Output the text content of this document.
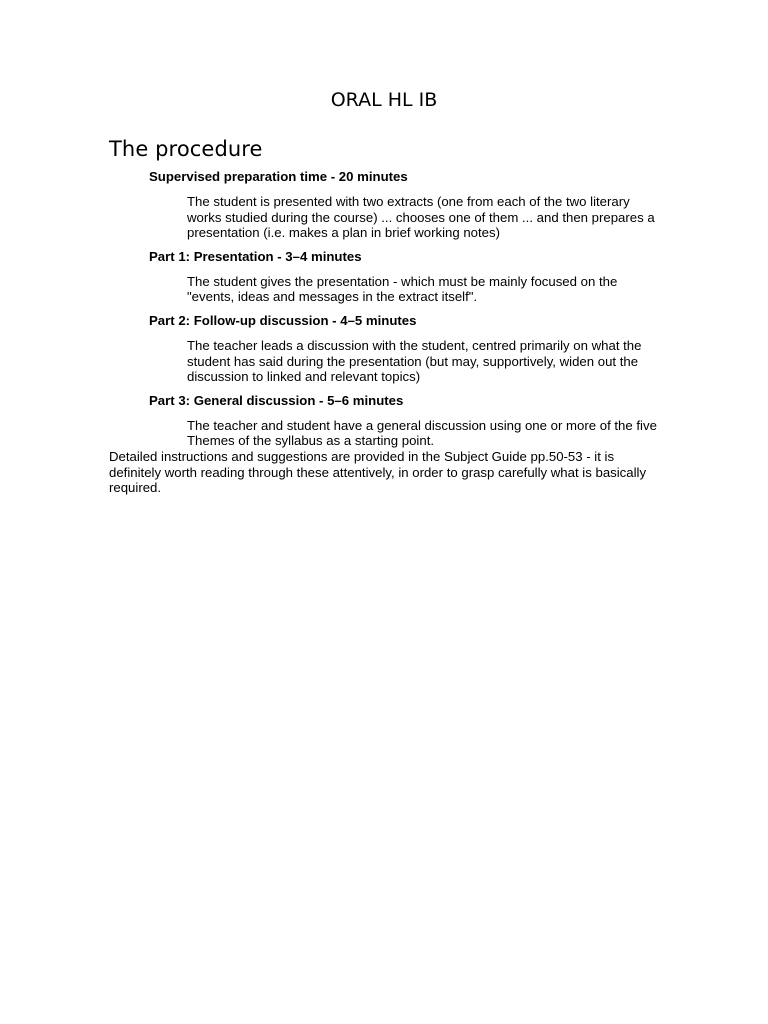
ORAL HL IB
The procedure

Supervised preparation time - 20 minutes

The student is presented with two extracts (one from each of the two literary works studied during the course) ... chooses one of them ... and then prepares a presentation (i.e. makes a plan in brief working notes)

Part 1: Presentation - 3–4 minutes

The student gives the presentation - which must be mainly focused on the "events, ideas and messages in the extract itself".

Part 2: Follow-up discussion - 4–5 minutes

The teacher leads a discussion with the student, centred primarily on what the student has said during the presentation (but may, supportively, widen out the discussion to linked and relevant topics)

Part 3: General discussion - 5–6 minutes

The teacher and student have a general discussion using one or more of the five Themes of the syllabus as a starting point.

Detailed instructions and suggestions are provided in the Subject Guide pp.50-53 - it is definitely worth reading through these attentively, in order to grasp carefully what is basically required.
